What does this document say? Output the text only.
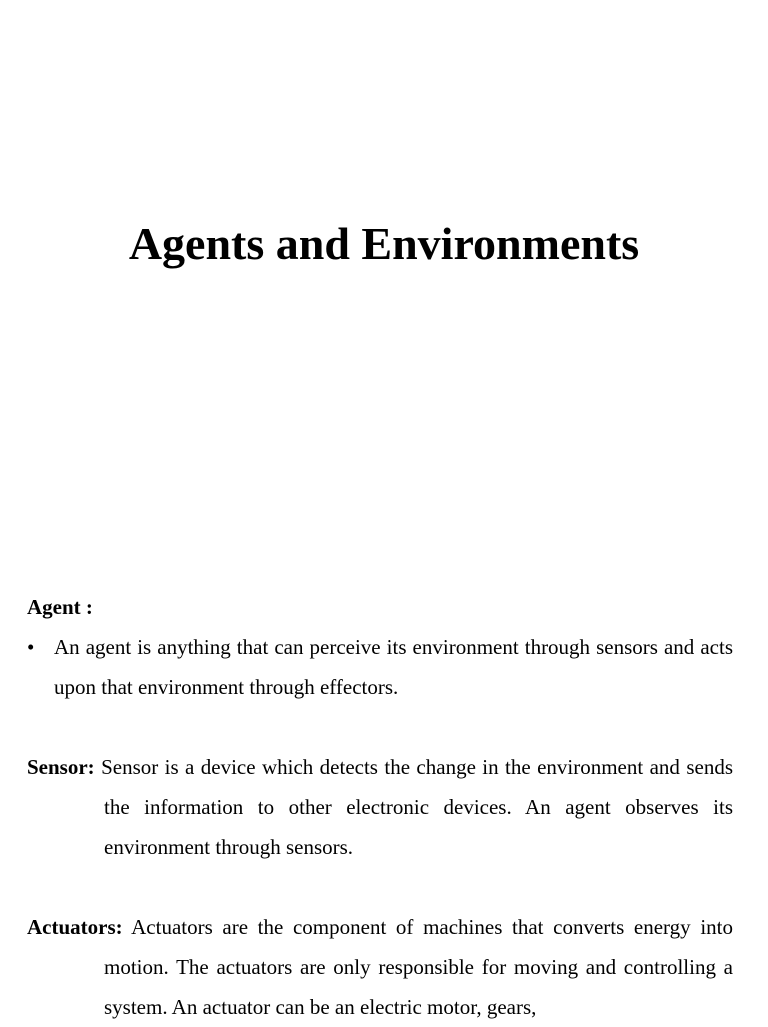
Agents and Environments
Agent :
• An agent is anything that can perceive its environment through sensors and acts upon that environment through effectors.
Sensor: Sensor is a device which detects the change in the environment and sends the information to other electronic devices. An agent observes its environment through sensors.
Actuators: Actuators are the component of machines that converts energy into motion. The actuators are only responsible for moving and controlling a system. An actuator can be an electric motor, gears,
